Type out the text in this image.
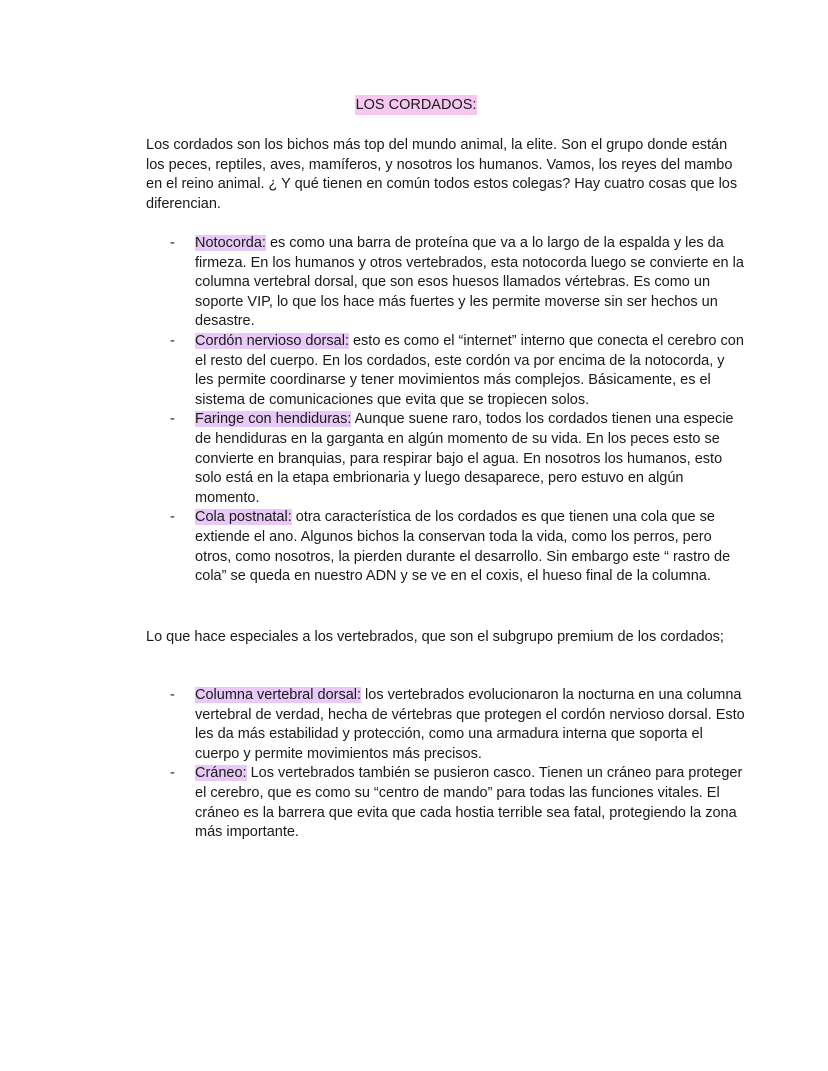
LOS CORDADOS:

Los cordados son los bichos más top del mundo animal, la elite. Son el grupo donde están los peces, reptiles, aves, mamíferos, y nosotros los humanos. Vamos, los reyes del mambo en el reino animal. ¿ Y qué tienen en común todos estos colegas? Hay cuatro cosas que los diferencian.

- Notocorda: es como una barra de proteína que va a lo largo de la espalda y les da firmeza. En los humanos y otros vertebrados, esta notocorda luego se convierte en la columna vertebral dorsal, que son esos huesos llamados vértebras. Es como un soporte VIP, lo que los hace más fuertes y les permite moverse sin ser hechos un desastre.
- Cordón nervioso dorsal: esto es como el “internet” interno que conecta el cerebro con el resto del cuerpo. En los cordados, este cordón va por encima de la notocorda, y les permite coordinarse y tener movimientos más complejos. Básicamente, es el sistema de comunicaciones que evita que se tropiecen solos.
- Faringe con hendiduras: Aunque suene raro, todos los cordados tienen una especie de hendiduras en la garganta en algún momento de su vida. En los peces esto se convierte en branquias, para respirar bajo el agua. En nosotros los humanos, esto solo está en la etapa embrionaria y luego desaparece, pero estuvo en algún momento.
- Cola postnatal: otra característica de los cordados es que tienen una cola que se extiende el ano. Algunos bichos la conservan toda la vida, como los perros, pero otros, como nosotros, la pierden durante el desarrollo. Sin embargo este “ rastro de cola” se queda en nuestro ADN y se ve en el coxis, el hueso final de la columna.

Lo que hace especiales a los vertebrados, que son el subgrupo premium de los cordados;

- Columna vertebral dorsal: los vertebrados evolucionaron la nocturna en una columna vertebral de verdad, hecha de vértebras que protegen el cordón nervioso dorsal. Esto les da más estabilidad y protección, como una armadura interna que soporta el cuerpo y permite movimientos más precisos.
- Cráneo: Los vertebrados también se pusieron casco. Tienen un cráneo para proteger el cerebro, que es como su “centro de mando” para todas las funciones vitales. El cráneo es la barrera que evita que cada hostia terrible sea fatal, protegiendo la zona más importante.
